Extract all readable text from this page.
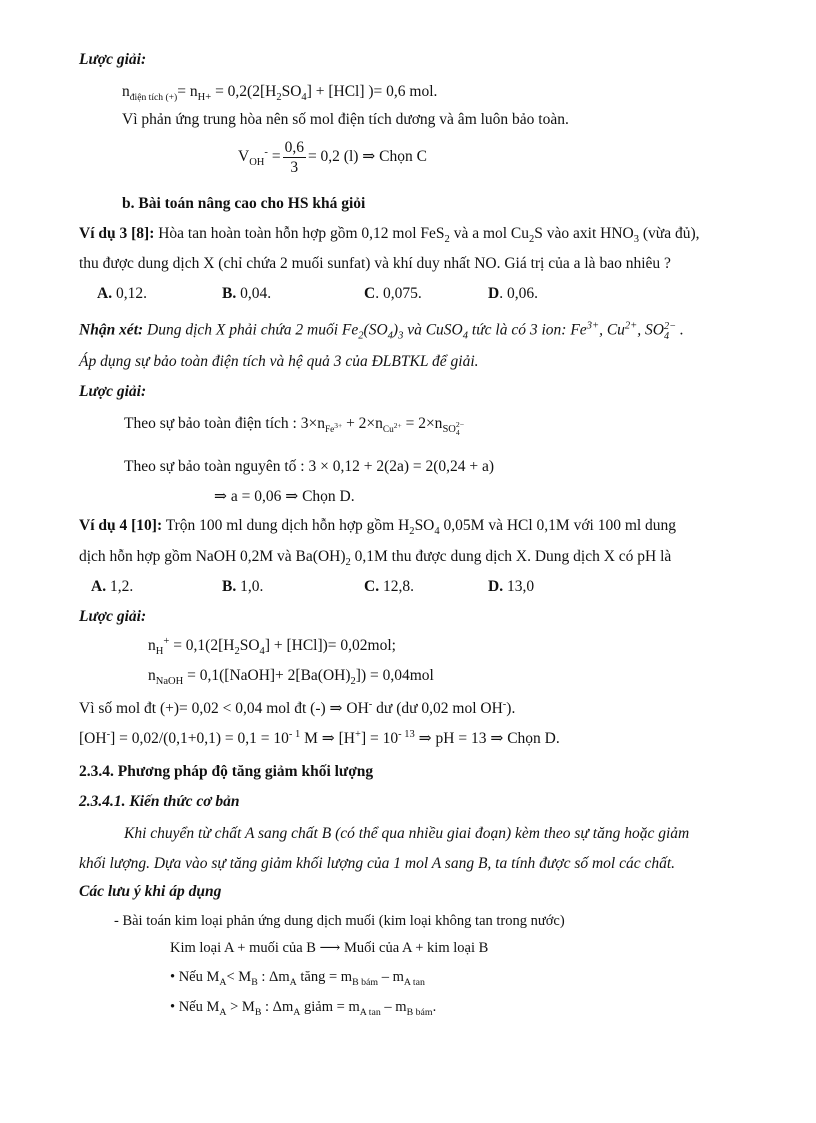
Lược giải:
$n_{điện tích (+)}= n_{H+} = 0,2(2[H_2SO_4] + [HCl]$ )= 0,6 mol.
Vì phản ứng trung hòa nên số mol điện tích dương và âm luôn bảo toàn.
$V_{OH}^- = \frac{0,6}{3} = 0,2$ (l) ⇒ Chọn C
b. Bài toán nâng cao cho HS khá giỏi
Ví dụ 3 [8]: Hòa tan hoàn toàn hỗn hợp gồm 0,12 mol FeS$_2$ và a mol $Cu_2S$ vào axit $HNO_3$ (vừa đủ),
thu được dung dịch X (chỉ chứa 2 muối sunfat) và khí duy nhất NO. Giá trị của a là bao nhiêu ?
A. 0,12.	B. 0,04.	C. 0,075.	D. 0,06.
Nhận xét: Dung dịch X phải chứa 2 muối $Fe_2(SO_4)_3$ và CuSO$_4$ tức là có 3 ion: $Fe^{3+}$, $Cu^{2+}$, SO 2−
4 .
Áp dụng sự bảo toàn điện tích và hệ quả 3 của ĐLBTKL để giải.
Lược giải:
Theo sự bảo toàn điện tích : $3\times n_{Fe^{3+}} + 2\times n_{Cu^{2+}} = 2\times n_{SO}$ 2−
4
Theo sự bảo toàn nguyên tố : 3 × 0,12 + 2(2a) = 2(0,24 + a)
⇒ a = 0,06 ⇒ Chọn D.
Ví dụ 4 [10]: Trộn 100 ml dung dịch hỗn hợp gồm $H_2SO_4$ 0,05M và HCl 0,1M với 100 ml dung
dịch hỗn hợp gồm NaOH 0,2M và $Ba(OH)_2$ 0,1M thu được dung dịch X. Dung dịch X có pH là
A. 1,2.	B. 1,0.	C. 12,8.	D. 13,0
Lược giải:
$n_H^+ = 0,1(2[H_2SO_4] + [HCl])= 0,02mol$;
$n_{NaOH}$ = 0,1([NaOH]+ $2[Ba(OH)_2]) = 0,04mol$
Vì số mol đt (+)= 0,02 < 0,04 mol đt (-) ⇒ OH- dư (dư 0,02 mol OH-).
$[OH^-] = 0,02/(0,1+0,1) = 0,1 = 10^{- 1}$ M ⇒ $[H^+] = 10^{- 13}$ ⇒ pH = 13 ⇒ Chọn D.
2.3.4. Phương pháp độ tăng giảm khối lượng
2.3.4.1. Kiến thức cơ bản
Khi chuyển từ chất A sang chất B (có thể qua nhiều giai đoạn) kèm theo sự tăng hoặc giảm
khối lượng. Dựa vào sự tăng giảm khối lượng của 1 mol A sang B, ta tính được số mol các chất.
Các lưu ý khi áp dụng
- Bài toán kim loại phản ứng dung dịch muối (kim loại không tan trong nước)
Kim loại A + muối của B ⟶ Muối của A + kim loại B
• Nếu $M_A< M_B$ : $\Delta m_A$ tăng = $m_{B bám} - m_{A tan}$
• Nếu $M_A > M_B$ : $\Delta m_A$ giảm = $m_{A tan} - m_{B bám}$.
